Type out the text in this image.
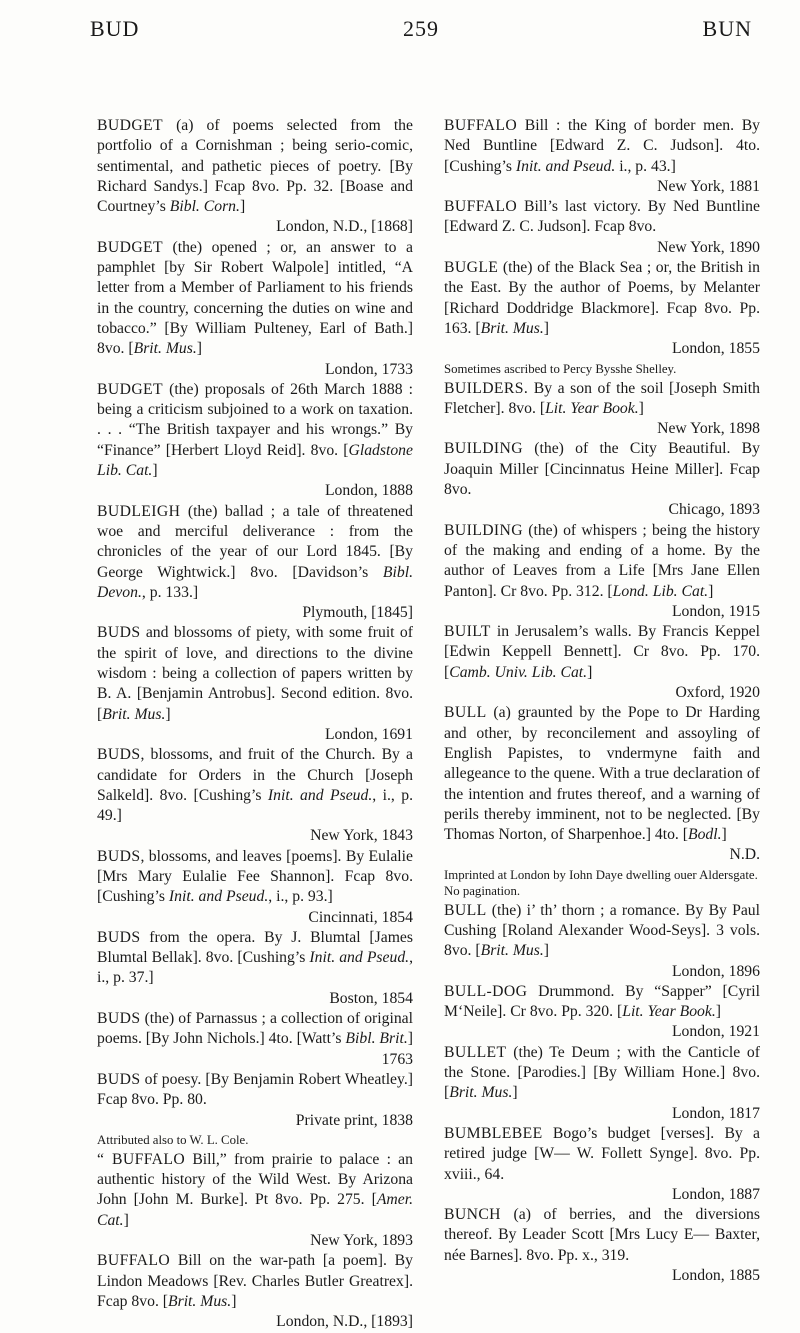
BUD	259	BUN

BUDGET (a) of poems selected from the portfolio of a Cornishman ; being serio-comic, sentimental, and pathetic pieces of poetry. [By Richard Sandys.] Fcap 8vo. Pp. 32. [Boase and Courtney’s Bibl. Corn.]

London, N.D., [1868]

BUDGET (the) opened ; or, an answer to a pamphlet [by Sir Robert Walpole] intitled, “A letter from a Member of Parliament to his friends in the country, concerning the duties on wine and tobacco.” [By William Pulteney, Earl of Bath.] 8vo. [Brit. Mus.]

London, 1733

BUDGET (the) proposals of 26th March 1888 : being a criticism subjoined to a work on taxation. . . . “The British taxpayer and his wrongs.” By “Finance” [Herbert Lloyd Reid]. 8vo. [Gladstone Lib. Cat.]

London, 1888

BUDLEIGH (the) ballad ; a tale of threatened woe and merciful deliverance : from the chronicles of the year of our Lord 1845. [By George Wightwick.] 8vo. [Davidson’s Bibl. Devon., p. 133.]

Plymouth, [1845]

BUDS and blossoms of piety, with some fruit of the spirit of love, and directions to the divine wisdom : being a collection of papers written by B. A. [Benjamin Antrobus]. Second edition. 8vo. [Brit. Mus.]

London, 1691

BUDS, blossoms, and fruit of the Church. By a candidate for Orders in the Church [Joseph Salkeld]. 8vo. [Cushing’s Init. and Pseud., i., p. 49.]

New York, 1843

BUDS, blossoms, and leaves [poems]. By Eulalie [Mrs Mary Eulalie Fee Shannon]. Fcap 8vo. [Cushing’s Init. and Pseud., i., p. 93.]

Cincinnati, 1854

BUDS from the opera. By J. Blumtal [James Blumtal Bellak]. 8vo. [Cushing’s Init. and Pseud., i., p. 37.]

Boston, 1854

BUDS (the) of Parnassus ; a collection of original poems. [By John Nichols.] 4to. [Watt’s Bibl. Brit.]

1763

BUDS of poesy. [By Benjamin Robert Wheatley.] Fcap 8vo. Pp. 80.

Private print, 1838
Attributed also to W. L. Cole.

“ BUFFALO Bill,” from prairie to palace : an authentic history of the Wild West. By Arizona John [John M. Burke]. Pt 8vo. Pp. 275. [Amer. Cat.]

New York, 1893

BUFFALO Bill on the war-path [a poem]. By Lindon Meadows [Rev. Charles Butler Greatrex]. Fcap 8vo. [Brit. Mus.]

London, N.D., [1893]

BUFFALO Bill : the King of border men. By Ned Buntline [Edward Z. C. Judson]. 4to. [Cushing’s Init. and Pseud. i., p. 43.]

New York, 1881

BUFFALO Bill’s last victory. By Ned Buntline [Edward Z. C. Judson]. Fcap 8vo.

New York, 1890

BUGLE (the) of the Black Sea ; or, the British in the East. By the author of Poems, by Melanter [Richard Doddridge Blackmore]. Fcap 8vo. Pp. 163. [Brit. Mus.]

London, 1855
Sometimes ascribed to Percy Bysshe Shelley.

BUILDERS. By a son of the soil [Joseph Smith Fletcher]. 8vo. [Lit. Year Book.]

New York, 1898

BUILDING (the) of the City Beautiful. By Joaquin Miller [Cincinnatus Heine Miller]. Fcap 8vo.

Chicago, 1893

BUILDING (the) of whispers ; being the history of the making and ending of a home. By the author of Leaves from a Life [Mrs Jane Ellen Panton]. Cr 8vo. Pp. 312. [Lond. Lib. Cat.]

London, 1915

BUILT in Jerusalem’s walls. By Francis Keppel [Edwin Keppell Bennett]. Cr 8vo. Pp. 170. [Camb. Univ. Lib. Cat.]

Oxford, 1920

BULL (a) graunted by the Pope to Dr Harding and other, by reconcilement and assoyling of English Papistes, to vndermyne faith and allegeance to the quene. With a true declaration of the intention and frutes thereof, and a warning of perils thereby imminent, not to be neglected. [By Thomas Norton, of Sharpenhoe.] 4to. [Bodl.]

N.D.
Imprinted at London by Iohn Daye dwelling ouer Aldersgate. No pagination.

BULL (the) i’ th’ thorn ; a romance. By By Paul Cushing [Roland Alexander Wood-Seys]. 3 vols. 8vo. [Brit. Mus.]

London, 1896

BULL-DOG Drummond. By “Sapper” [Cyril M‘Neile]. Cr 8vo. Pp. 320. [Lit. Year Book.]

London, 1921

BULLET (the) Te Deum ; with the Canticle of the Stone. [Parodies.] [By William Hone.] 8vo. [Brit. Mus.]

London, 1817

BUMBLEBEE Bogo’s budget [verses]. By a retired judge [W— W. Follett Synge]. 8vo. Pp. xviii., 64.

London, 1887

BUNCH (a) of berries, and the diversions thereof. By Leader Scott [Mrs Lucy E— Baxter, née Barnes]. 8vo. Pp. x., 319.

London, 1885
